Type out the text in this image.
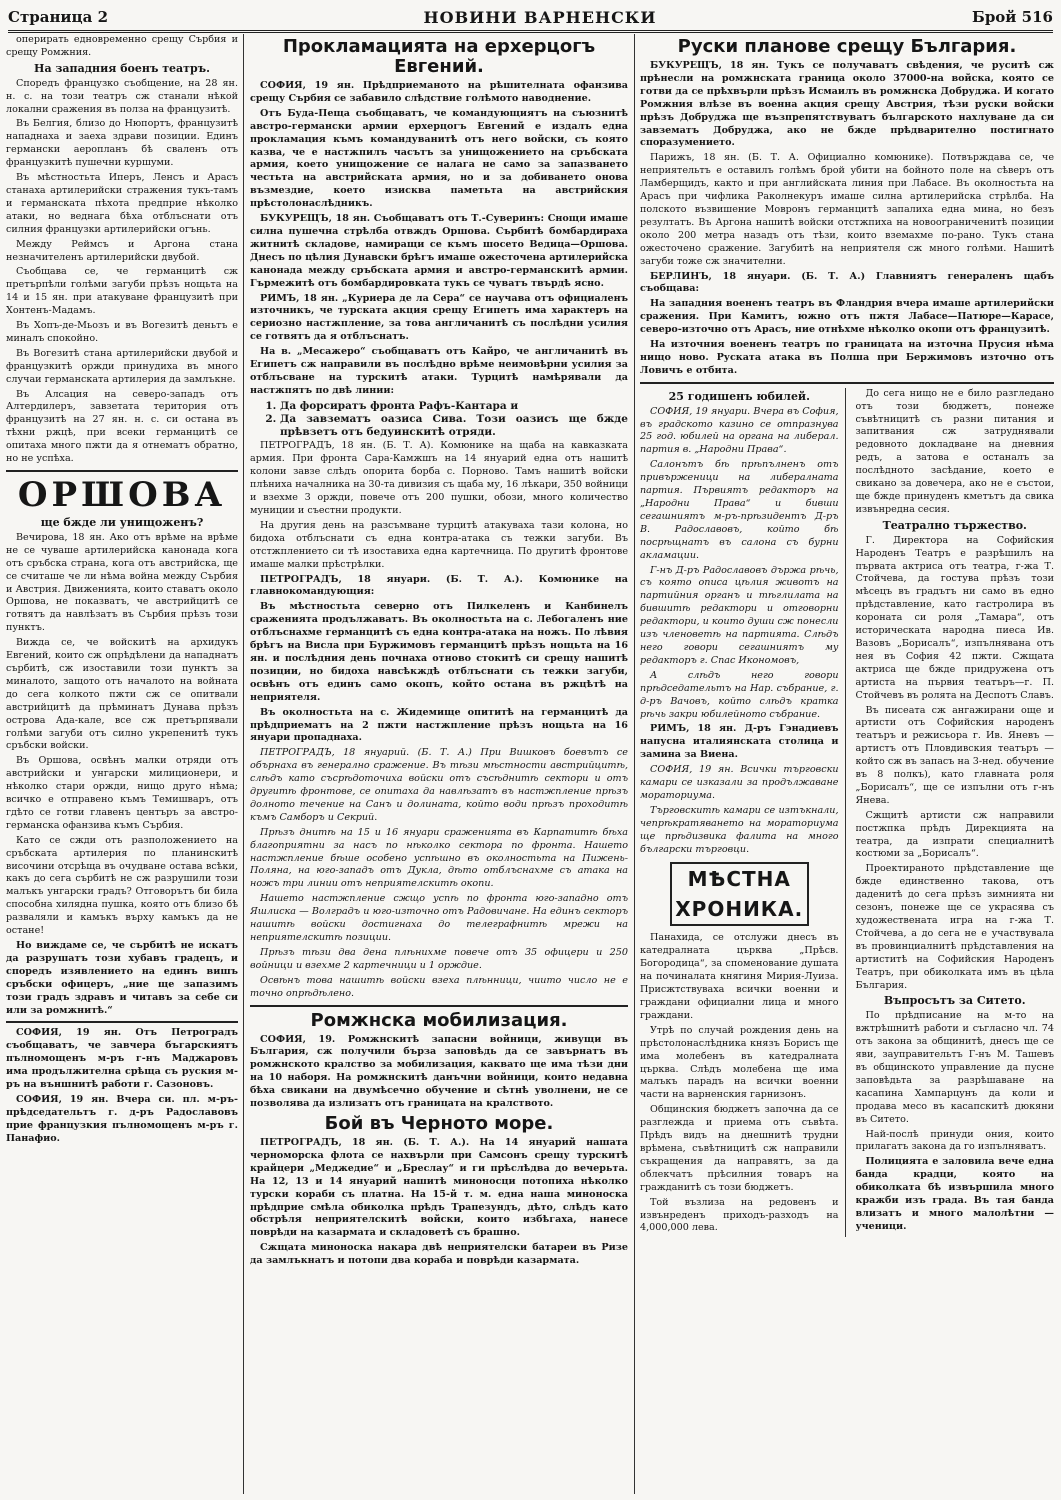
Страница 2	НОВИНИ ВАРНЕНСКИ	Брой 516

оперирать едновременно срещу Сърбия и срещу Ромжния.

На западния боенъ театръ.

Споредъ французко съобщение, на 28 ян. н. с. на този театръ сж станали нѣкой локални сражения въ полза на французитѣ.

Въ Белгия, близо до Нюпортъ, французитѣ нападнаха и заеха здрави позиции. Единъ германски аеропланъ бѣ сваленъ отъ французкитѣ пушечни куршуми.

Въ мѣстностьта Иперъ, Ленсъ и Арасъ станаха артилерийски стражения тукъ-тамъ и германската пѣхота предприе нѣколко атаки, но веднага бѣха отблъснати отъ силния французки артилерийски огънь.

Между Реймсъ и Аргона стана незначителенъ артилерийски двубой.

Съобщава се, че германцитѣ сж претърпѣли голѣми загуби прѣзъ нощьта на 14 и 15 ян. при атакуване французитѣ при Хонтенъ-Мадамъ.

Въ Хопъ-де-Мьозъ и въ Вогезитѣ деньтъ е миналъ спокойно.

Въ Вогезитѣ стана артилерийски двубой и французкитѣ оржди принудиха въ много случаи германската артилерия да замлъкне.

Въ Алсация на северо-западъ отъ Алтердилеръ, завзетата територия отъ французитѣ на 27 ян. н. с. си остана въ тѣхни ржцѣ, при всеки германцитѣ се опитаха много пжти да я отнематъ обратно, но не успѣха.

ОРШОВА
ще бжде ли унищоженъ?

Вечирова, 18 ян. Ако отъ врѣме на врѣме не се чуваше артилерийска канонада кога отъ сръбска страна, кога отъ австрийска, ще се считаше че ли нѣма война между Сърбия и Австрия. Движенията, които ставатъ около Оршова, не показватъ, че австрийцитѣ се готвятъ да навлѣзатъ въ Сърбия прѣзъ този пунктъ.

Вижда се, че войскитѣ на архидукъ Евгений, които сж опрѣдѣлени да нападнатъ сърбитѣ, сж изоставили този пунктъ за миналото, защото отъ началото на войната до сега колкото пжти сж се опитвали австрийцитѣ да прѣминатъ Дунава прѣзъ острова Ада-кале, все сж претърпявали голѣми загуби отъ силно укрепенитѣ тукъ сръбски войски.

Въ Оршова, освѣнъ малки отряди отъ австрийски и унгарски милиционери, и нѣколко стари оржди, нищо друго нѣма; всичко е отправено къмъ Темишваръ, отъ гдѣто се готви главенъ центъръ за австро-германска офанзива къмъ Сърбия.

Като се сжди отъ разположението на сръбската артилерия по планинскитѣ височини отсрѣща въ очудване остава всѣки, какъ до сега сърбитѣ не сж разрушили този малъкъ унгарски градъ? Отговорътъ би била способна хилядна пушка, която отъ близо бѣ разваляли и камъкъ върху камъкъ да не остане!

Но виждаме се, че сърбитѣ не искатъ да разрушатъ този хубавъ градецъ, и споредъ изявлението на единъ вишъ сръбски офицеръ, „ние ще запазимъ този градъ здравъ и читавъ за себе си или за ромжнитѣ.“

СОФИЯ, 19 ян. Отъ Петроградъ съобщаватъ, че завчера бъгарскиятъ пълномощенъ м-ръ г-нъ Маджаровъ има продължителна срѣща съ руския м-ръ на външнитѣ работи г. Сазоновъ.

СОФИЯ, 19 ян. Вчера си. пл. м-ръ-прѣдседательтъ г. д-ръ Радославовъ прие французкия пълномощенъ м-ръ г. Панафио.

Прокламацията на ерхерцогъ Евгений.

СОФИЯ, 19 ян. Прѣдприеманото на рѣшителната офанзива срещу Сърбия се забавило слѣдствие голѣмото наводнение.

Отъ Буда-Пеща съобщаватъ, че командующиятъ на съюзнитѣ австро-германски армии ерхерцогъ Евгений е издалъ една прокламация къмъ командуванитѣ отъ него войски, съ която казва, че е настжпилъ часътъ за унищожението на сръбската армия, което унищожение се налага не само за запазването честьта на австрийската армия, но и за добиването онова възмездие, което изисква паметьта на австрийския прѣстолонаслѣдникъ.

БУКУРЕЩЪ, 18 ян. Съобщаватъ отъ Т.-Суверинъ: Снощи имаше силна пушечна стрѣлба отвждъ Оршова. Сърбитѣ бомбардираха житнитѣ складове, намиращи се къмъ шосето Ведица—Оршова. Днесъ по цѣлия Дунавски брѣгъ имаше ожесточена артилерийска канонада между сръбската армия и австро-германскитѣ армии. Гърмежитѣ отъ бомбардировката тукъ се чуватъ твърдѣ ясно.

РИМЪ, 18 ян. „Куриера де ла Сера“ се научава отъ официаленъ източникъ, че турската акция срещу Египетъ има характеръ на сериозно настжпление, за това англичанитѣ съ послѣдни усилия се готвятъ да я отблъснатъ.

На в. „Месажеро“ съобщаватъ отъ Кайро, че англичанитѣ въ Египетъ сж направили въ послѣдно врѣме неимовѣрни усилия за отблъсване на турскитѣ атаки. Турцитѣ намѣрявали да настжпятъ по двѣ линии:

1. Да форсиратъ фронта Рафъ-Кантара и
2. Да завзематъ оазиса Сива. Този оазисъ ще бжде прѣвзетъ отъ бедуинскитѣ отряди.

ПЕТРОГРАДЪ, 18 ян. (Б. Т. А). Комюнике на щаба на кавказката армия. При фронта Сара-Камжшъ на 14 януарий една отъ нашитѣ колони завзе слѣдъ опорита борба с. Порново. Тамъ нашитѣ войски плѣниха началника на 30-та дивизия съ щаба му, 16 лѣкари, 350 войници и взехме 3 оржди, повече отъ 200 пушки, обози, много количество муниции и съестни продукти.

На другия день на разсъмване турцитѣ атакуваха тази колона, но бидоха отблъснати съ една контра-атака съ тежки загуби. Въ отстжплението си тѣ изоставиха една картечница. По другитѣ фронтове имаше малки прѣстрѣлки.

ПЕТРОГРАДЪ, 18 януари. (Б. Т. А.). Комюнике на главнокомандующия:

Въ мѣстностьта северно отъ Пилкеленъ и Канбинелъ сраженията продължаватъ. Въ околностьта на с. Лебогаленъ ние отблъснахме германцитѣ съ една контра-атака на ножъ. По лѣвия брѣгъ на Висла при Буржимовъ германцитѣ прѣзъ нощьта на 16 ян. и послѣдния день почнаха отново стокитѣ си срещу нашитѣ позиции, но бидоха навсѣкждѣ отблъснати съ тежки загуби, освѣнъ отъ единъ само окопъ, който остана въ ржцѣтѣ на неприятеля.

Въ околностьта на с. Жидемище опититѣ на германцитѣ да прѣдприематъ на 2 пжти настжпление прѣзъ нощьта на 16 януари пропаднаха.

ПЕТРОГРАДЪ, 18 януарий. (Б. Т. А.) При Вишковъ боевътъ се обърнаха въ генерално сражение. Въ тѣзи мѣстности австрийцитѣ, слѣдъ като съсрѣдоточиха войски отъ съсѣднитѣ сектори и отъ другитѣ фронтове, се опитаха да навлѣзатъ въ настжпление прѣзъ долното течение на Санъ и долината, който води прѣзъ проходитѣ къмъ Самборъ и Секрий.

Прѣзъ днитѣ на 15 и 16 януари сраженията въ Карпатитѣ бѣха благоприятни за насъ по нѣколко сектора по фронта. Нашето настжпление бѣше особено успѣшно въ околностьта на Пижень-Поляна, на юго-западъ отъ Дуклa, дѣто отблъснахме съ атака на ножъ три линии отъ неприятелскитѣ окопи.

Нашето настжпление сжщо успѣ по фронта юго-западно отъ Яшлиска — Волградъ и юго-източно отъ Радовичане. На единъ секторъ нашитѣ войски достигнаха до телеграфнитѣ мрежи на неприятелскитѣ позиции.

Прѣзъ тѣзи два дена плѣнихме повече отъ 35 офицери и 250 войници и взехме 2 картечници и 1 орждие.

Освѣнъ това нашитѣ войски взеха плѣнници, чиито число не е точно опрѣдѣлено.

Ромжнска мобилизация.

СОФИЯ, 19. Ромжнскитѣ запасни войници, живущи въ България, сж получили бърза заповѣдь да се завърнатъ въ ромжнското кралство за мобилизация, каквато ще има тѣзи дни на 10 наборя. На ромжнскитѣ данъчни войници, които недавна бѣха свикани на двумѣсечно обучение и сѣтнѣ уволнени, не се позволява да излизатъ отъ границата на кралството.

Бой въ Черното море.

ПЕТРОГРАДЪ, 18 ян. (Б. Т. А.). На 14 януарий нашата черноморска флота се нахвърли при Самсонъ срещу турскитѣ крайцери „Меджедие“ и „Бреслау“ и ги прѣслѣдва до вечерьта. На 12, 13 и 14 януарий нашитѣ миноносци потопиха нѣколко турски кораби съ платна. На 15-й т. м. една наша миноноска прѣдприе смѣла обиколка прѣдъ Трапезундъ, дѣто, слѣдъ като обстрѣля неприятелскитѣ войски, които избѣгаха, нанесе поврѣди на казармата и складоветѣ съ брашно.

Сжщата миноноска накара двѣ неприятелски батареи въ Ризе да замлъкнатъ и потопи два кораба и поврѣди казармата.

Руски планове срещу България.

БУКУРЕЩЪ, 18 ян. Тукъ се получаватъ свѣдения, че руситѣ сж прѣнесли на ромжнската граница около 37000-на войска, която се готви да се прѣхвърли прѣзъ Исмаилъ въ ромжнска Добруджа. И когато Ромжния влѣзе въ военна акция срещу Австрия, тѣзи руски войски прѣзъ Добруджа ще възпрепятствуватъ българското нахлуване да си завзематъ Добруджа, ако не бжде прѣдварително постигнато споразумението.

Парижъ, 18 ян. (Б. Т. А. Официално комюнике). Потвърждава се, че неприятельтъ е оставилъ голѣмъ брой убити на бойното поле на сѣверъ отъ Ламберщидъ, както и при английската линия при Лабасе. Въ околностьта на Арасъ при чифлика Раколнекуръ имаше силна артилерийска стрѣлба. На полското възвишение Мовронъ германцитѣ запалиха една мина, но безъ резултатъ. Въ Аргона нашитѣ войски отстжпиха на новоограниченитѣ позиции около 200 метра назадъ отъ тѣзи, които вземахме по-рано. Тукъ стана ожесточено сражение. Загубитѣ на неприятеля сж много голѣми. Нашитѣ загуби тоже сж значителни.

БЕРЛИНЪ, 18 януари. (Б. Т. А.) Главниятъ генераленъ щабъ съобщава:

На западния воененъ театръ въ Фландрия вчера имаше артилерийски сражения. При Камитъ, южно отъ пжтя Лабасе—Патюре—Карасе, северо-източно отъ Арасъ, ние отнѣхме нѣколко окопи отъ французитѣ.

На източния воененъ театръ по границата на източна Прусия нѣма нищо ново. Руската атака въ Полша при Бержимовъ източно отъ Ловичъ е отбита.

25 годишенъ юбилей.

СОФИЯ, 19 януари. Вчера въ София, въ градското казино се отпразнува 25 год. юбилей на органа на либерал. партия в. „Народни Права“.

Салонътъ бѣ прѣпълненъ отъ привърженици на либералната партия. Първиятъ редакторъ на „Народни Права“ и бивши сегашниятъ м-ръ-прѣзидентъ Д-ръ В. Радославовъ, който бѣ посрѣщнатъ въ салона съ бурни акламации.

Г-нъ Д-ръ Радославовъ държа рѣчь, съ която описа цѣлия животъ на партийния органъ и тѣглилата на бившитѣ редактори и отговорни редактори, и които души сж понесли изъ членоветѣ на партията. Слѣдъ него говори сегашниятъ му редакторъ г. Спас Икономовъ,

А слѣдъ него говори прѣдседательтъ на Нар. събрание, г. д-ръ Вачовъ, който слѣдъ кратка рѣчь закри юбилейното събрание.

РИМЪ, 18 ян. Д-ръ Гэнадиевъ напусна италиянската столица и замина за Виена.

СОФИЯ, 19 ян. Всички търговски камари се изказали за продължаване мораториума.

Търговскитѣ камари се изтъкнали, чепрѣкратяването на мораториума ще прѣдизвика фалита на много български търговци.

МѢСТНА ХРОНИКА.

Панахида, се отслужи днесъ въ катедралната църква „Прѣсв. Богородица“, за споменование душата на починалата княгиня Мирия-Луиза. Присжтствуваха всички военни и граждани официални лица и много граждани.

Утрѣ по случай рождения день на прѣстолонаслѣдника князъ Борисъ ще има молебенъ въ катедралната църква. Слѣдъ молебена ще има малъкъ парадъ на всички военни части на варненския гарнизонъ.

Общинския бюджетъ започна да се разглежда и приема отъ съвѣта. Прѣдъ видъ на днешнитѣ трудни врѣмена, съвѣтницитѣ сж направили съкращения да направятъ, за да облекчатъ прѣсилния товаръ на гражданитѣ съ този бюджетъ.

Той възлиза на редовенъ и извънреденъ приходъ-разходъ на 4,000,000 лева.

До сега нищо не е било разгледано отъ този бюджетъ, понеже съвѣтницитѣ съ разни питания и запитвания сж затруднявали редовното докладване на дневния редъ, а затова е останалъ за послѣдното засѣдание, което е свикано за довечера, ако не е състои, ще бжде принуденъ кметътъ да свика извънредна сесия.

Театрално тържество.

Г. Директора на Софийския Народенъ Театръ е разрѣшилъ на първата актриса отъ театра, г-жа Т. Стойчева, да гостува прѣзъ този мѣсецъ въ градътъ ни само въ едно прѣдставление, като гастролира въ короната си роля „Тамара“, отъ историческата народна пиеса Ив. Вазовъ „Борисалъ“, изпълнявана отъ нея въ София 42 пжти. Сжщата актриса ще бжде придружена отъ артиста на първия театъръ—г. П. Стойчевъ въ ролята на Деспотъ Славъ.

Въ писеата сж ангажирани още и артисти отъ Софийския народенъ театъръ и режисьора г. Ив. Яневъ — артистъ отъ Пловдивския театъръ — който сж въ запасъ на 3-нед. обучение въ 8 полкъ), като главната роля „Борисалъ“, ще се изпълни отъ г-нъ Янева.

Сжщитѣ артисти сж направили постжпка прѣдъ Дирекцията на театра, да изпрати специалнитѣ костюми за „Борисалъ“.

Проектираното прѣдставление ще бжде единственно такова, отъ даденитѣ до сега прѣзъ зимнията ни сезонъ, понеже ще се украсява съ художествената игра на г-жа Т. Стойчева, а до сега не е участвувала въ провинциалнитѣ прѣдставления на артиститѣ на Софийския Народенъ Театръ, при обиколката имъ въ цѣла България.

Въпросътъ за Ситето.

По прѣдписание на м-то на вжтрѣшнитѣ работи и съгласно чл. 74 отъ закона за общинитѣ, днесъ ще се яви, заупрaвительтъ Г-нъ М. Ташевъ въ общинското управление да пусне заповѣдьта за разрѣшаване на касапина Хампарцунъ да коли и продава месо въ касапскитѣ дюкяни въ Ситето.

Най-послѣ принуди ония, които прилагатъ закона да го изпълняватъ.

Полицията е заловила вече една банда крадци, която на обиколката бѣ извършила много кражби изъ града. Въ тая банда влизатъ и много малолѣтни — ученици.
